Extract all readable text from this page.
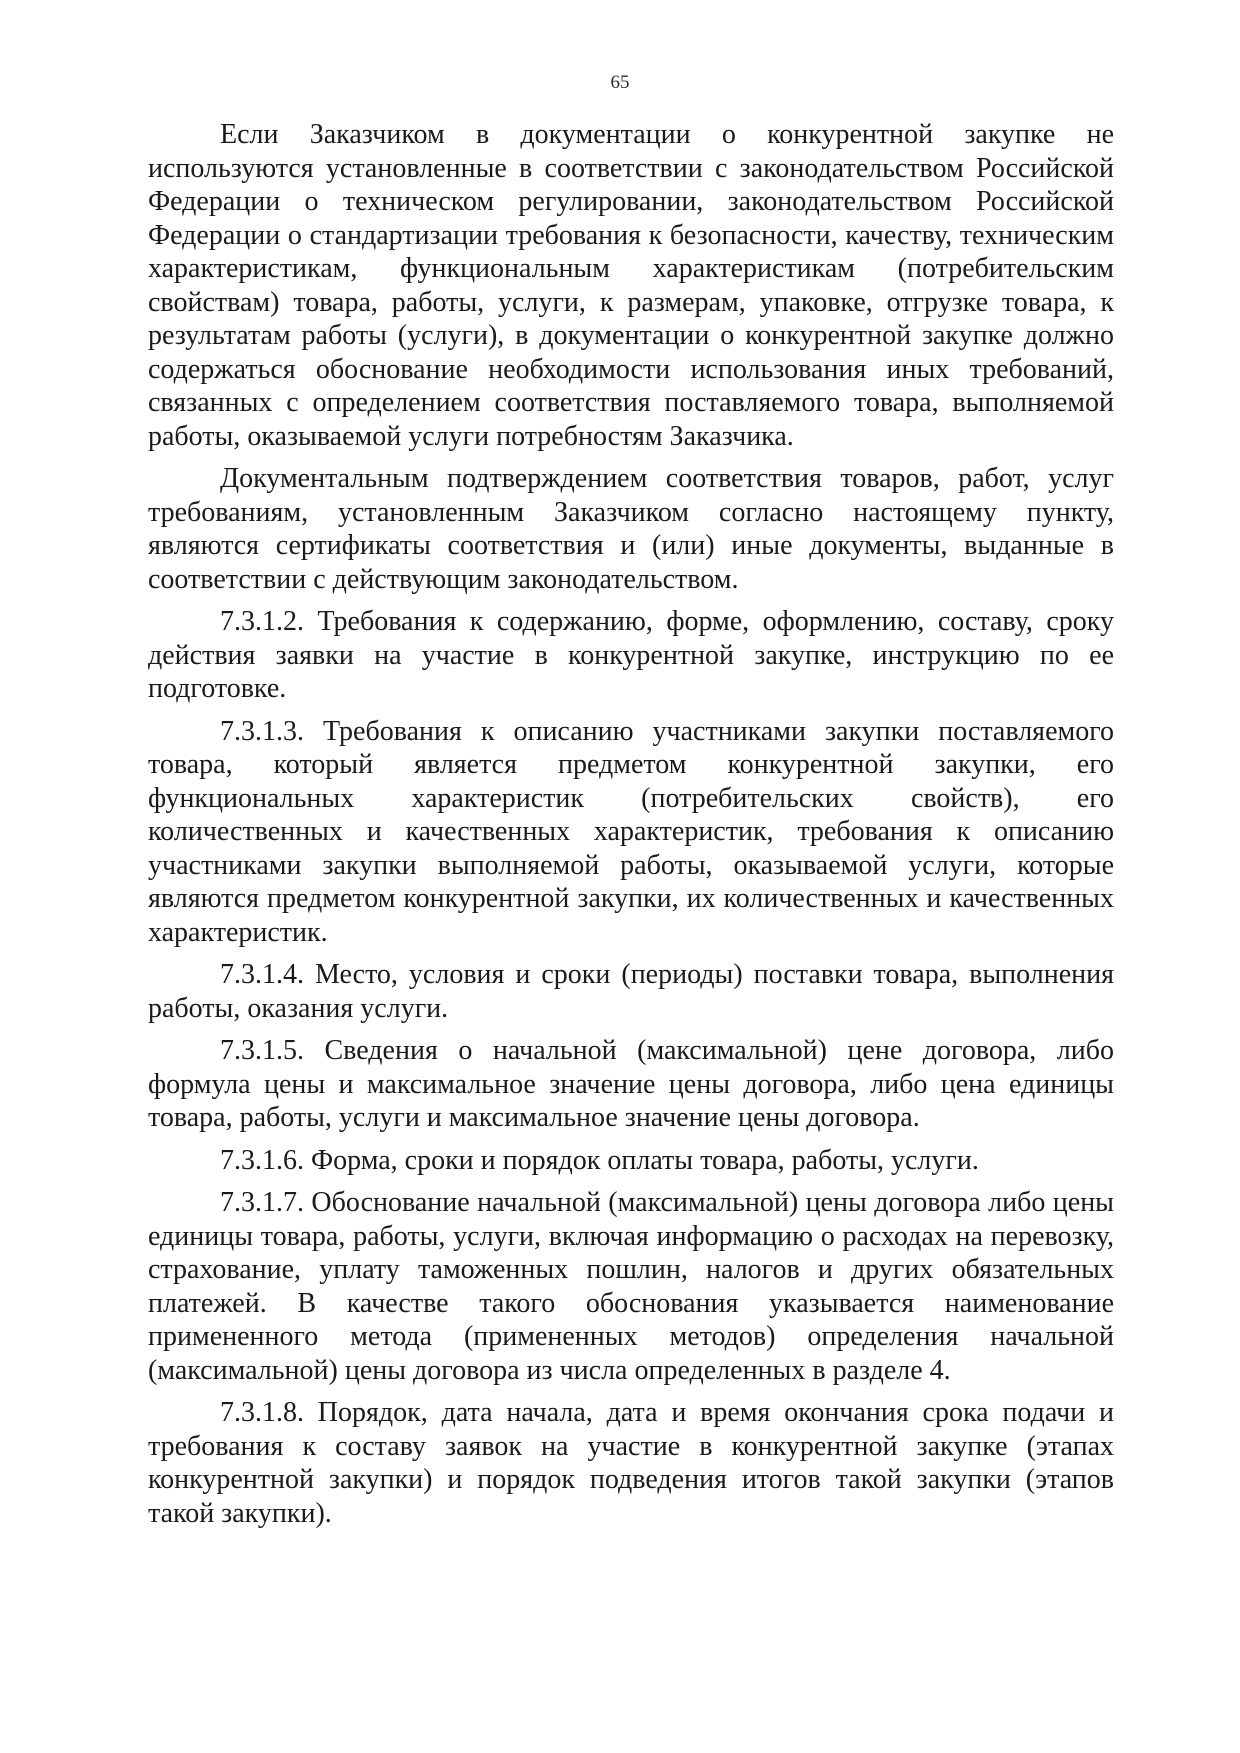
65

Если Заказчиком в документации о конкурентной закупке не используются установленные в соответствии с законодательством Российской Федерации о техническом регулировании, законодательством Российской Федерации о стандартизации требования к безопасности, качеству, техническим характеристикам, функциональным характеристикам (потребительским свойствам) товара, работы, услуги, к размерам, упаковке, отгрузке товара, к результатам работы (услуги), в документации о конкурентной закупке должно содержаться обоснование необходимости использования иных требований, связанных с определением соответствия поставляемого товара, выполняемой работы, оказываемой услуги потребностям Заказчика.

Документальным подтверждением соответствия товаров, работ, услуг требованиям, установленным Заказчиком согласно настоящему пункту, являются сертификаты соответствия и (или) иные документы, выданные в соответствии с действующим законодательством.

7.3.1.2. Требования к содержанию, форме, оформлению, составу, сроку действия заявки на участие в конкурентной закупке, инструкцию по ее подготовке.

7.3.1.3. Требования к описанию участниками закупки поставляемого товара, который является предметом конкурентной закупки, его функциональных характеристик (потребительских свойств), его количественных и качественных характеристик, требования к описанию участниками закупки выполняемой работы, оказываемой услуги, которые являются предметом конкурентной закупки, их количественных и качественных характеристик.

7.3.1.4. Место, условия и сроки (периоды) поставки товара, выполнения работы, оказания услуги.

7.3.1.5. Сведения о начальной (максимальной) цене договора, либо формула цены и максимальное значение цены договора, либо цена единицы товара, работы, услуги и максимальное значение цены договора.

7.3.1.6. Форма, сроки и порядок оплаты товара, работы, услуги.

7.3.1.7. Обоснование начальной (максимальной) цены договора либо цены единицы товара, работы, услуги, включая информацию о расходах на перевозку, страхование, уплату таможенных пошлин, налогов и других обязательных платежей. В качестве такого обоснования указывается наименование примененного метода (примененных методов) определения начальной (максимальной) цены договора из числа определенных в разделе 4.

7.3.1.8. Порядок, дата начала, дата и время окончания срока подачи и требования к составу заявок на участие в конкурентной закупке (этапах конкурентной закупки) и порядок подведения итогов такой закупки (этапов такой закупки).
